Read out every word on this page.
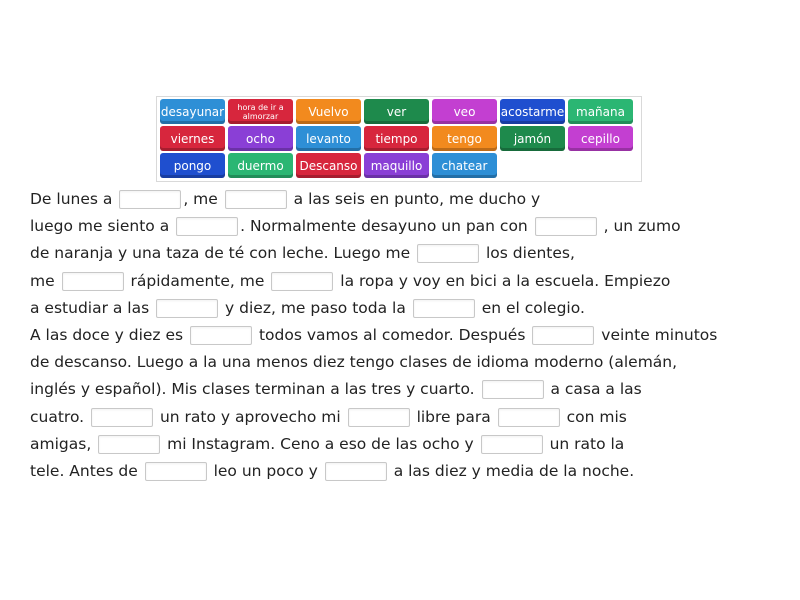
desayunar	hora de ir a almorzar	Vuelvo	ver	veo	acostarme mañana
viernes	ocho	levanto	tiempo	tengo	jamón	cepillo
pongo	duermo	Descanso	maquillo	chatear
De lunes a	, me	a las seis en punto, me ducho y
luego me siento a	. Normalmente desayuno un pan con	, un zumo
de naranja y una taza de té con leche. Luego me	los dientes,
me	rápidamente, me	la ropa y voy en bici a la escuela. Empiezo
a estudiar a las	y diez, me paso toda la	en el colegio.
A las doce y diez es	todos vamos al comedor. Después	veinte minutos
de descanso. Luego a la una menos diez tengo clases de idioma moderno (alemán,
inglés y español). Mis clases terminan a las tres y cuarto.	a casa a las
cuatro.	un rato y aprovecho mi	libre para	con mis
amigas,	mi Instagram. Ceno a eso de las ocho y	un rato la
tele. Antes de	leo un poco y	a las diez y media de la noche.
